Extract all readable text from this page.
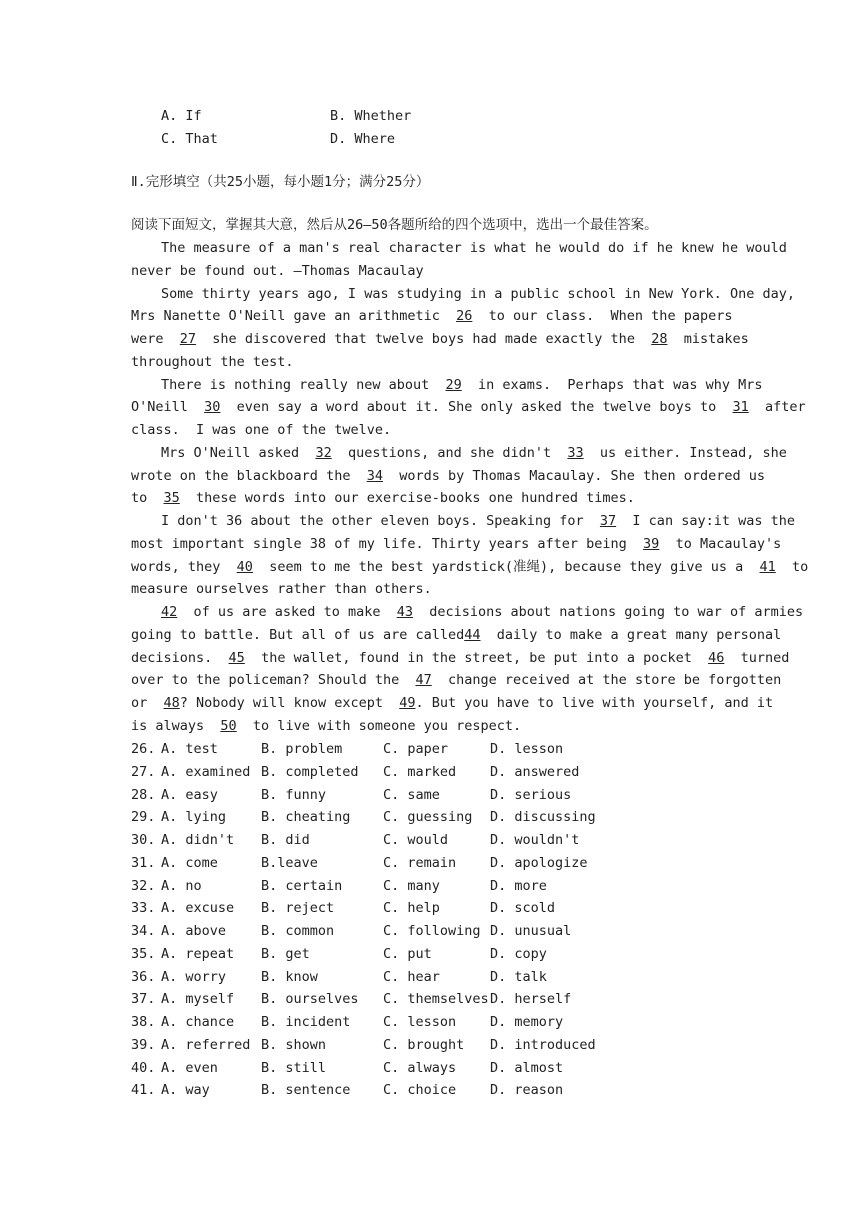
A. If	B. Whether
C. That	D. Where
Ⅱ.完形填空（共25小题，每小题1分；满分25分）
阅读下面短文，掌握其大意，然后从26—50各题所给的四个选项中，选出一个最佳答案。
The measure of a man's real character is what he would do if he knew he would
never be found out. —Thomas Macaulay
Some thirty years ago, I was studying in a public school in New York. One day,
Mrs Nanette O'Neill gave an arithmetic  26  to our class.  When the papers
were  27  she discovered that twelve boys had made exactly the  28  mistakes
throughout the test.
There is nothing really new about  29  in exams.  Perhaps that was why Mrs
O'Neill  30  even say a word about it. She only asked the twelve boys to  31  after
class.  I was one of the twelve.
Mrs O'Neill asked  32  questions, and she didn't  33  us either. Instead, she
wrote on the blackboard the  34  words by Thomas Macaulay. She then ordered us
to  35  these words into our exercise-books one hundred times.
I don't 36 about the other eleven boys. Speaking for  37  I can say:it was the
most important single 38 of my life. Thirty years after being  39  to Macaulay's
words, they  40  seem to me the best yardstick(准绳), because they give us a  41  to
measure ourselves rather than others.
42  of us are asked to make  43  decisions about nations going to war of armies
going to battle. But all of us are called44  daily to make a great many personal
decisions.  45  the wallet, found in the street, be put into a pocket  46  turned
over to the policeman? Should the  47  change received at the store be forgotten
or  48? Nobody will know except  49. But you have to live with yourself, and it
is always  50  to live with someone you respect.
26. A. test	B. problem	C. paper	D. lesson
27. A. examined B. completed C. marked	D. answered
28. A. easy	B. funny	C. same	D. serious
29. A. lying	B. cheating C. guessing D. discussing
30. A. didn't B. did	C. would	D. wouldn't
31. A. come	B.leave	C. remain	D. apologize
32. A. no	B. certain	C. many	D. more
33. A. excuse B. reject	C. help	D. scold
34. A. above	B. common	C. following D. unusual
35. A. repeat B. get	C. put	D. copy
36. A. worry	B. know	C. hear	D. talk
37. A. myself B. ourselves C. themselves D. herself
38. A. chance B. incident C. lesson	D. memory
39. A. referred B. shown	C. brought D. introduced
40. A. even	B. still	C. always	D. almost
41. A. way	B. sentence C. choice	D. reason
